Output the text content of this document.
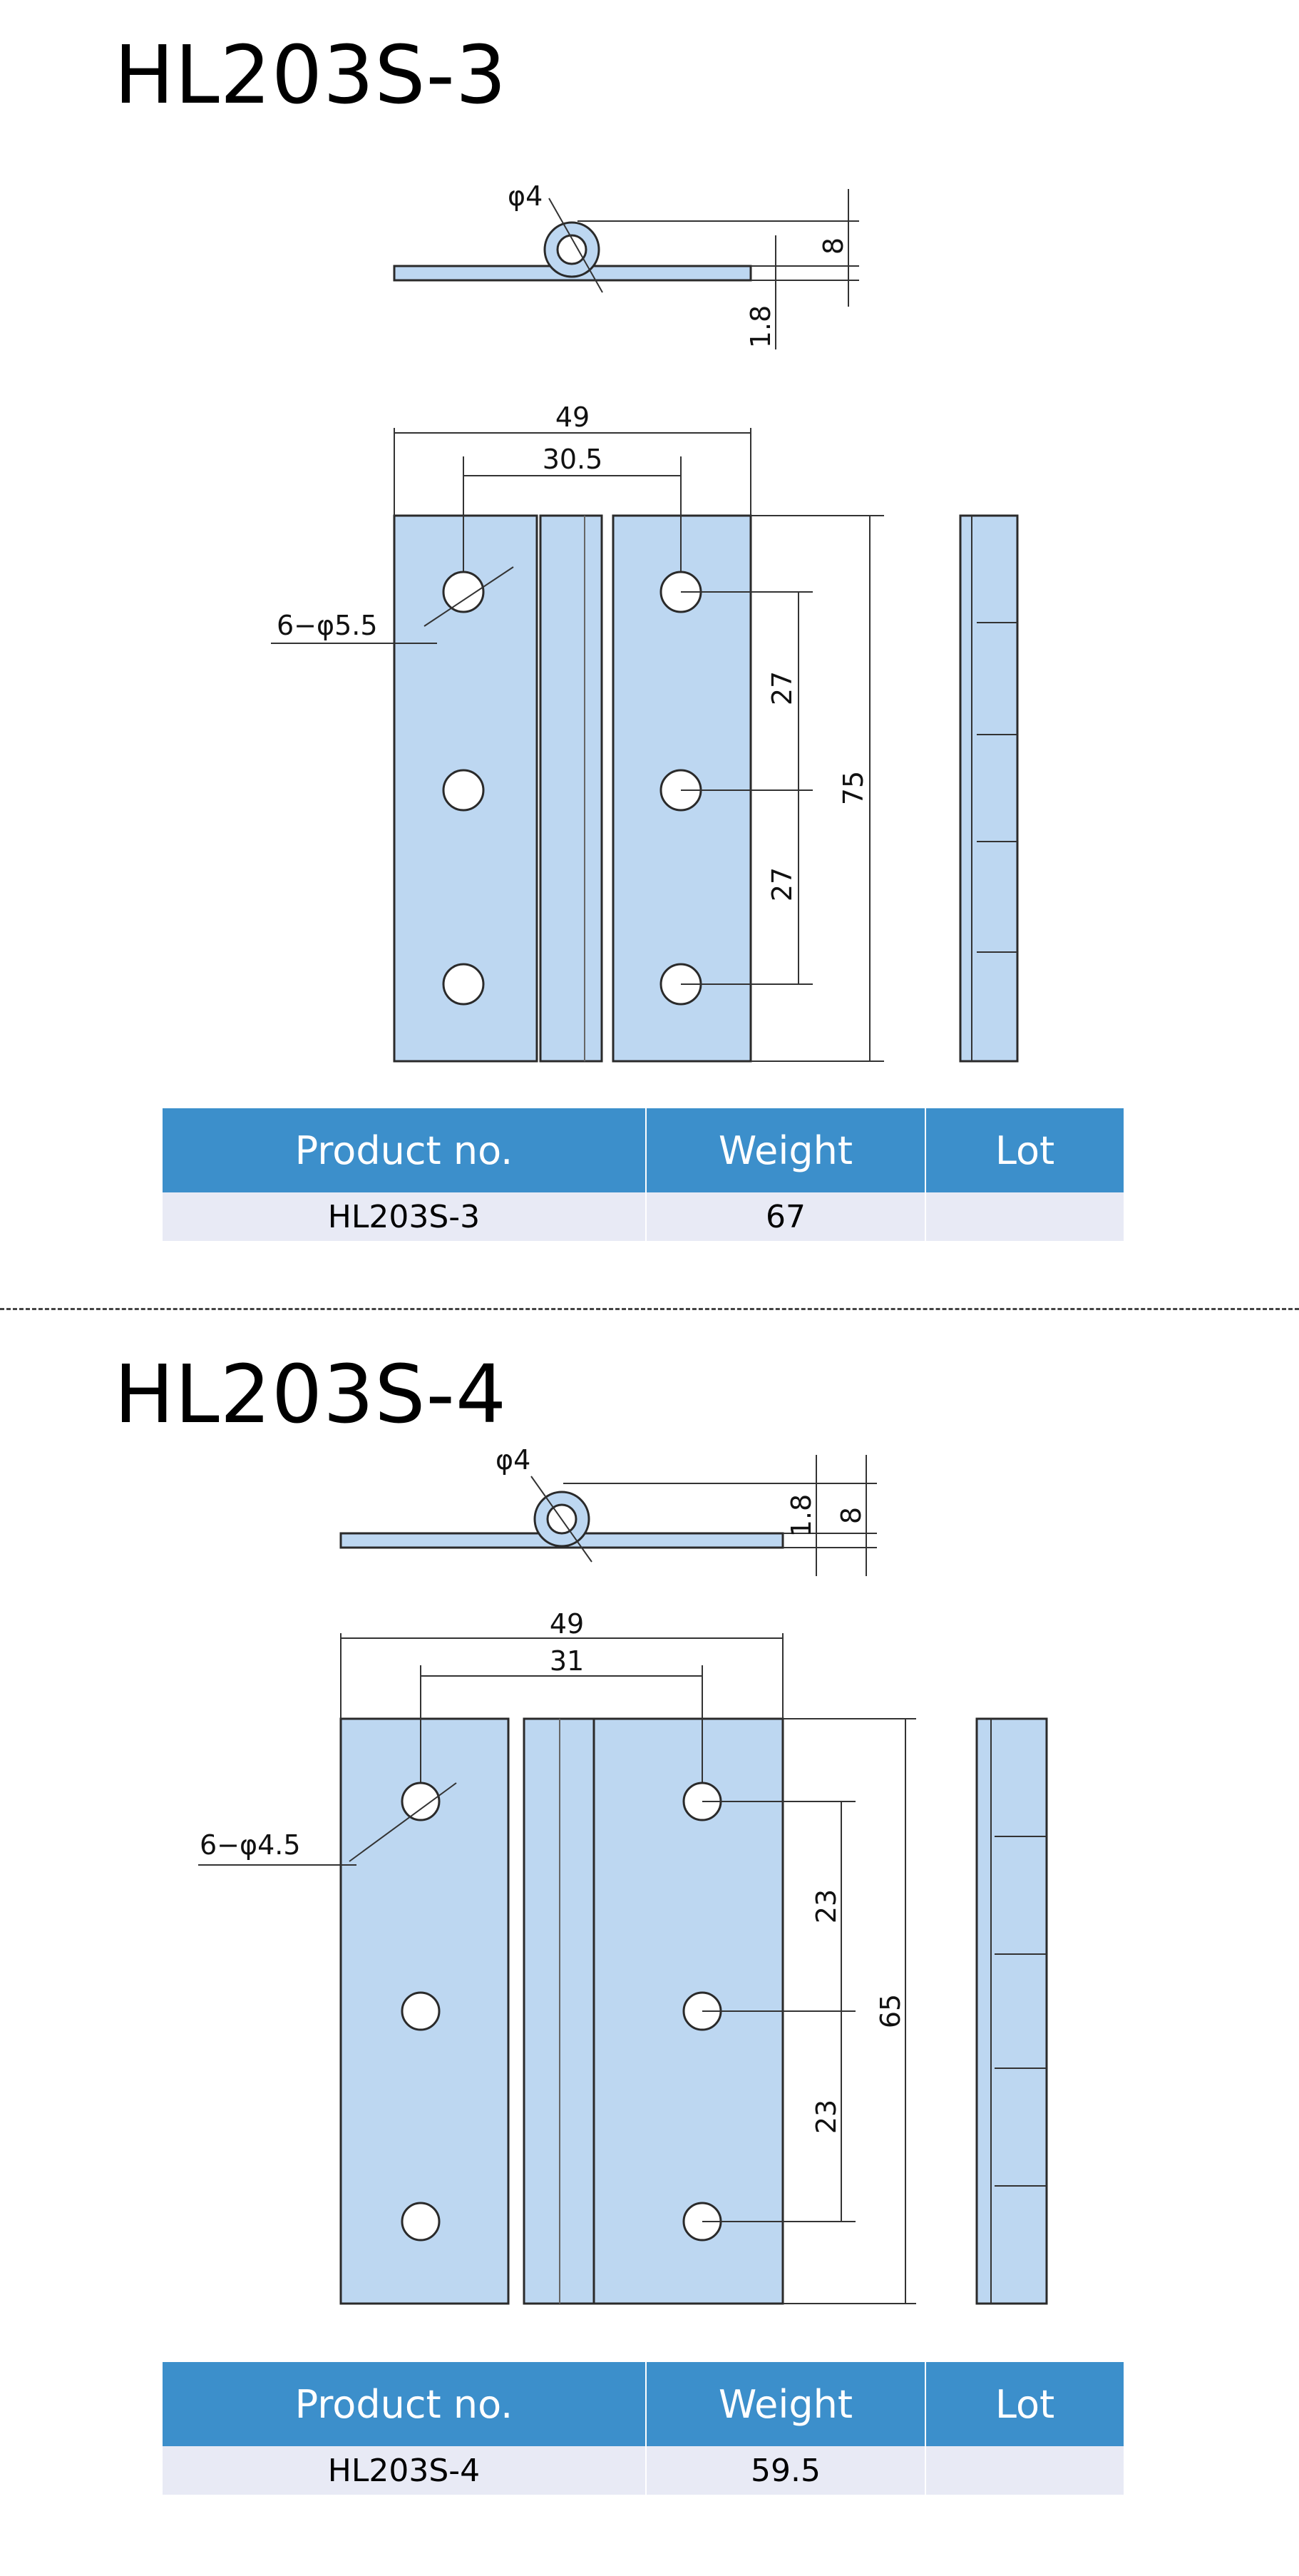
HL203S-3
φ4
8
1.8
49
30.5
6−φ5.5
27
27
75
Product no.	Weight	Lot
HL203S-3	67	
HL203S-4
φ4
1.8 8
49
31
6−φ4.5
23
23
65
Product no.	Weight	Lot
HL203S-4	59.5	
